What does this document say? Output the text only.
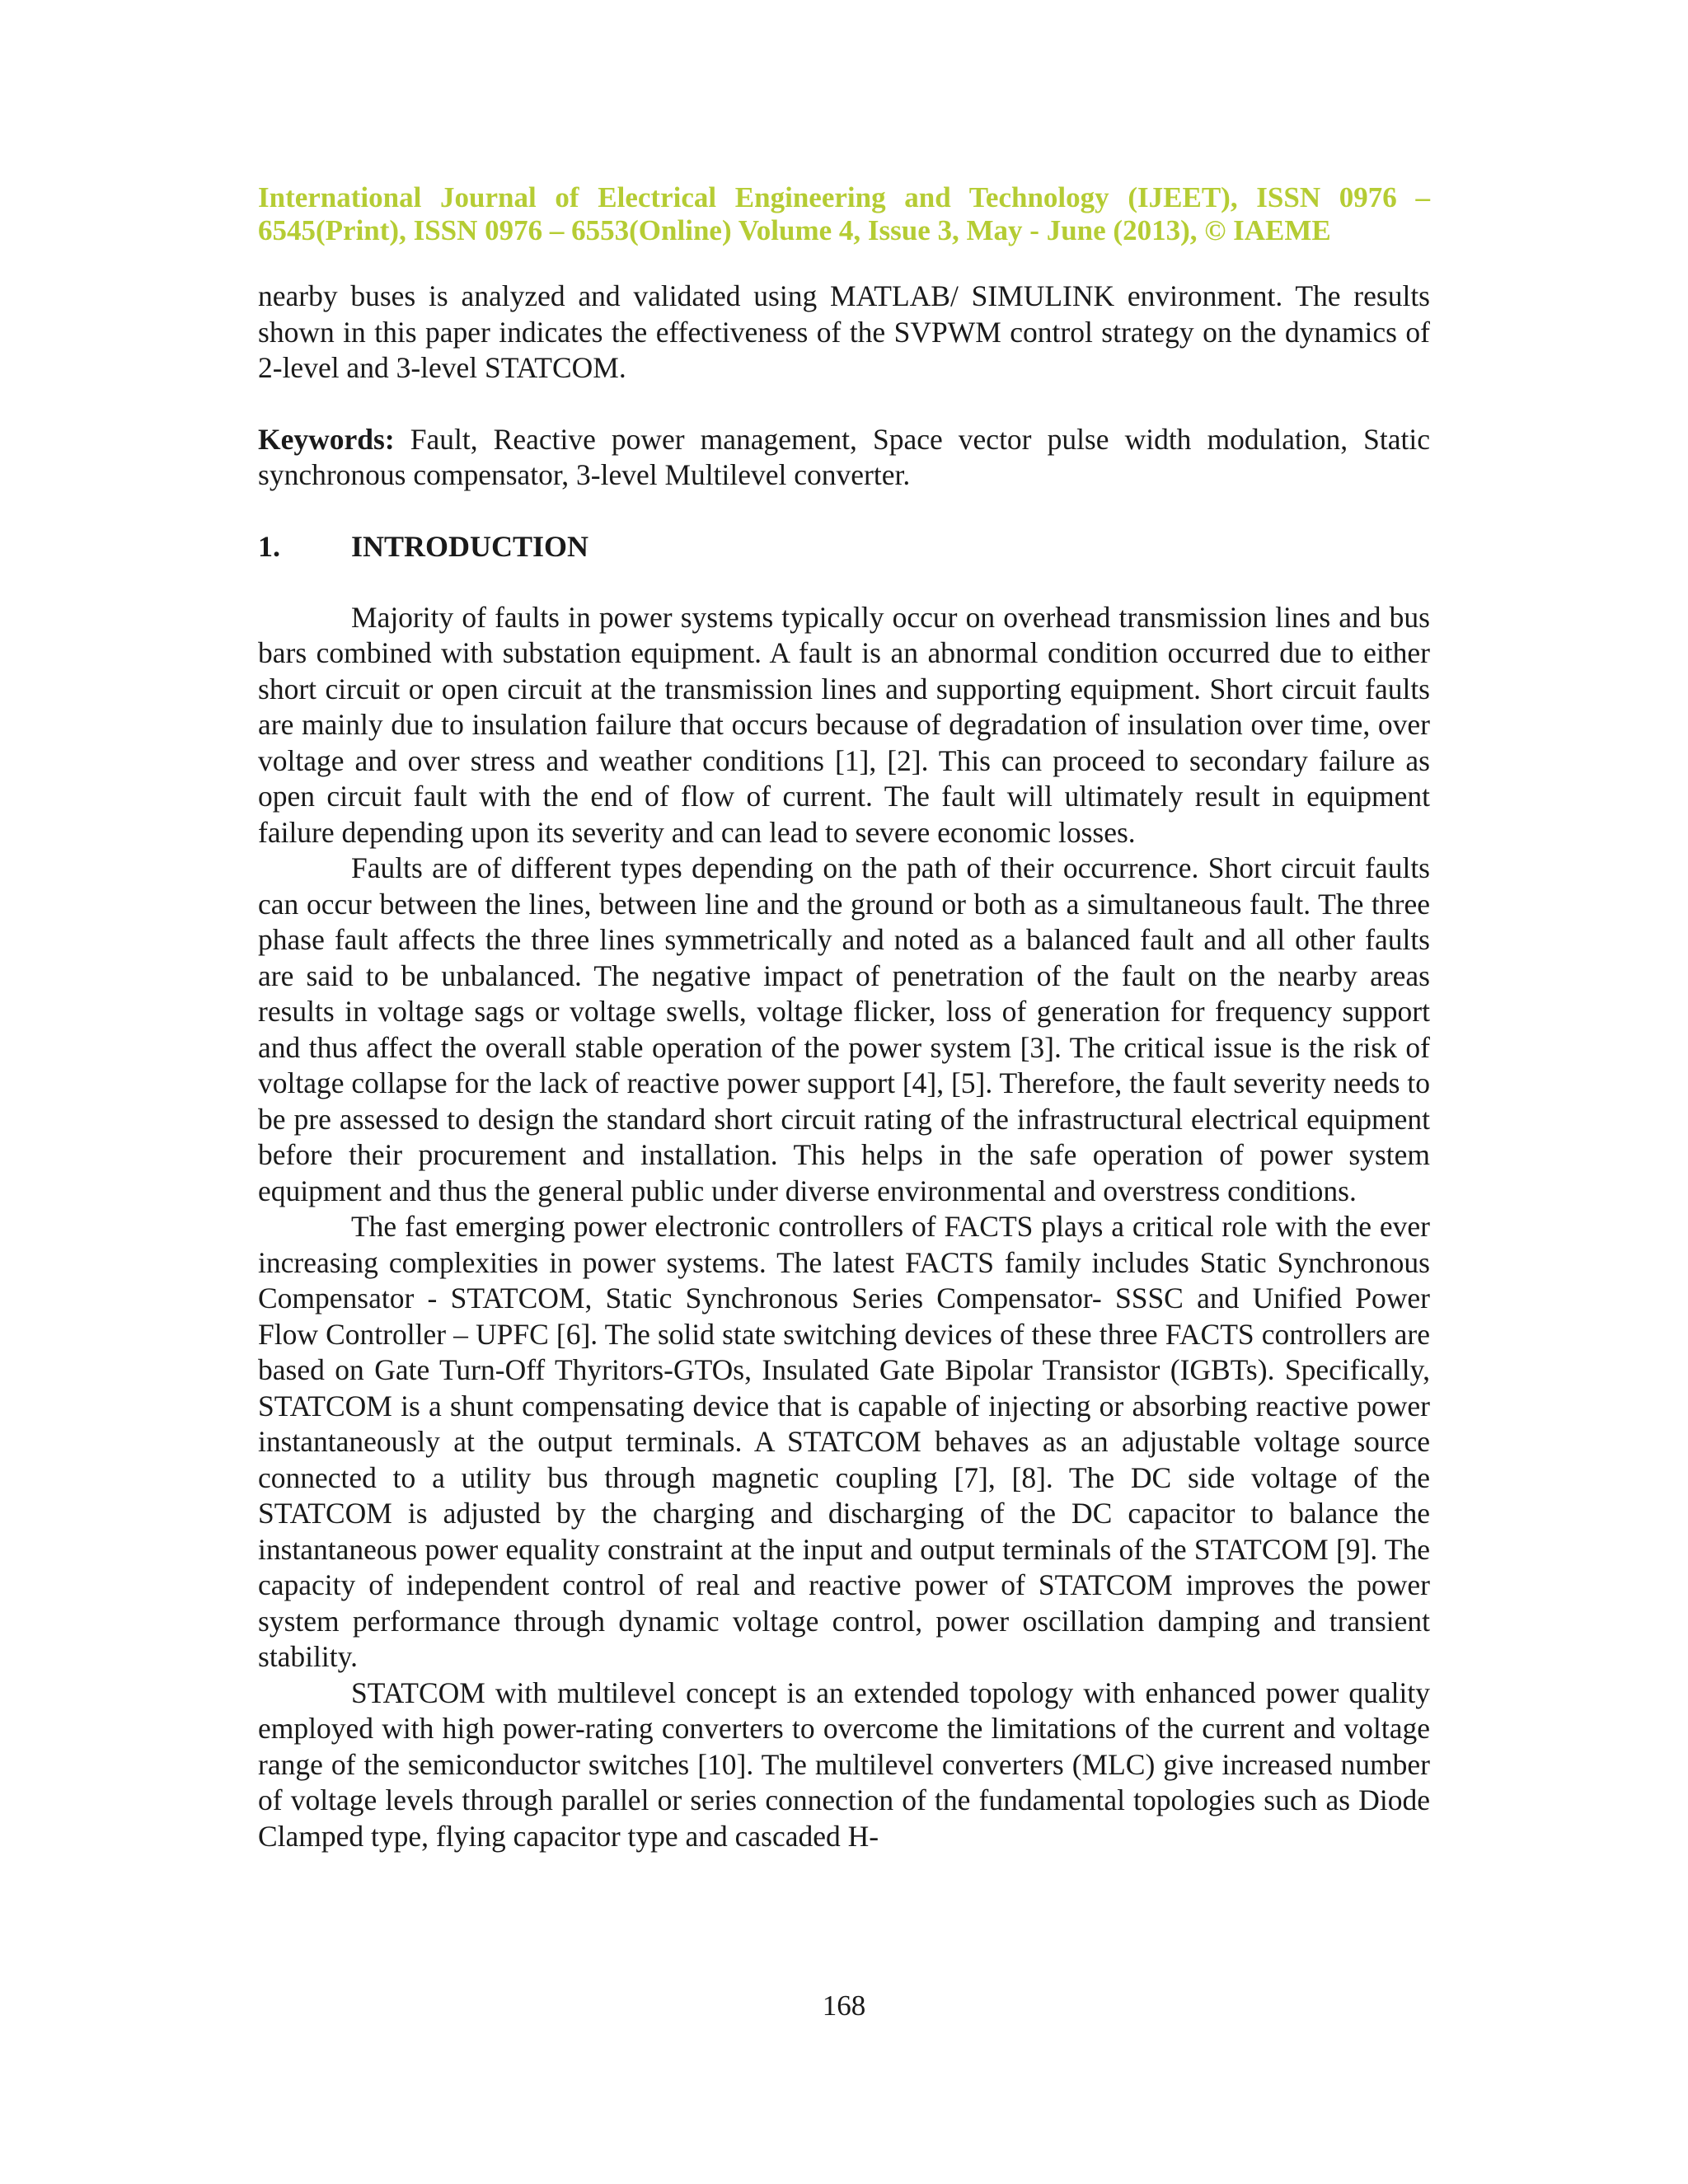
International Journal of Electrical Engineering and Technology (IJEET), ISSN 0976 – 6545(Print), ISSN 0976 – 6553(Online) Volume 4, Issue 3, May - June (2013), © IAEME

nearby buses is analyzed and validated using MATLAB/ SIMULINK environment. The results shown in this paper indicates the effectiveness of the SVPWM control strategy on the dynamics of 2-level and 3-level STATCOM.

Keywords: Fault, Reactive power management, Space vector pulse width modulation, Static synchronous compensator, 3-level Multilevel converter.

1.	INTRODUCTION

Majority of faults in power systems typically occur on overhead transmission lines and bus bars combined with substation equipment. A fault is an abnormal condition occurred due to either short circuit or open circuit at the transmission lines and supporting equipment. Short circuit faults are mainly due to insulation failure that occurs because of degradation of insulation over time, over voltage and over stress and weather conditions [1], [2]. This can proceed to secondary failure as open circuit fault with the end of flow of current. The fault will ultimately result in equipment failure depending upon its severity and can lead to severe economic losses.

Faults are of different types depending on the path of their occurrence. Short circuit faults can occur between the lines, between line and the ground or both as a simultaneous fault. The three phase fault affects the three lines symmetrically and noted as a balanced fault and all other faults are said to be unbalanced. The negative impact of penetration of the fault on the nearby areas results in voltage sags or voltage swells, voltage flicker, loss of generation for frequency support and thus affect the overall stable operation of the power system [3]. The critical issue is the risk of voltage collapse for the lack of reactive power support [4], [5]. Therefore, the fault severity needs to be pre assessed to design the standard short circuit rating of the infrastructural electrical equipment before their procurement and installation. This helps in the safe operation of power system equipment and thus the general public under diverse environmental and overstress conditions.

The fast emerging power electronic controllers of FACTS plays a critical role with the ever increasing complexities in power systems. The latest FACTS family includes Static Synchronous Compensator - STATCOM, Static Synchronous Series Compensator- SSSC and Unified Power Flow Controller – UPFC [6]. The solid state switching devices of these three FACTS controllers are based on Gate Turn-Off Thyritors-GTOs, Insulated Gate Bipolar Transistor (IGBTs). Specifically, STATCOM is a shunt compensating device that is capable of injecting or absorbing reactive power instantaneously at the output terminals. A STATCOM behaves as an adjustable voltage source connected to a utility bus through magnetic coupling [7], [8]. The DC side voltage of the STATCOM is adjusted by the charging and discharging of the DC capacitor to balance the instantaneous power equality constraint at the input and output terminals of the STATCOM [9]. The capacity of independent control of real and reactive power of STATCOM improves the power system performance through dynamic voltage control, power oscillation damping and transient stability.

STATCOM with multilevel concept is an extended topology with enhanced power quality employed with high power-rating converters to overcome the limitations of the current and voltage range of the semiconductor switches [10]. The multilevel converters (MLC) give increased number of voltage levels through parallel or series connection of the fundamental topologies such as Diode Clamped type, flying capacitor type and cascaded H-

168
